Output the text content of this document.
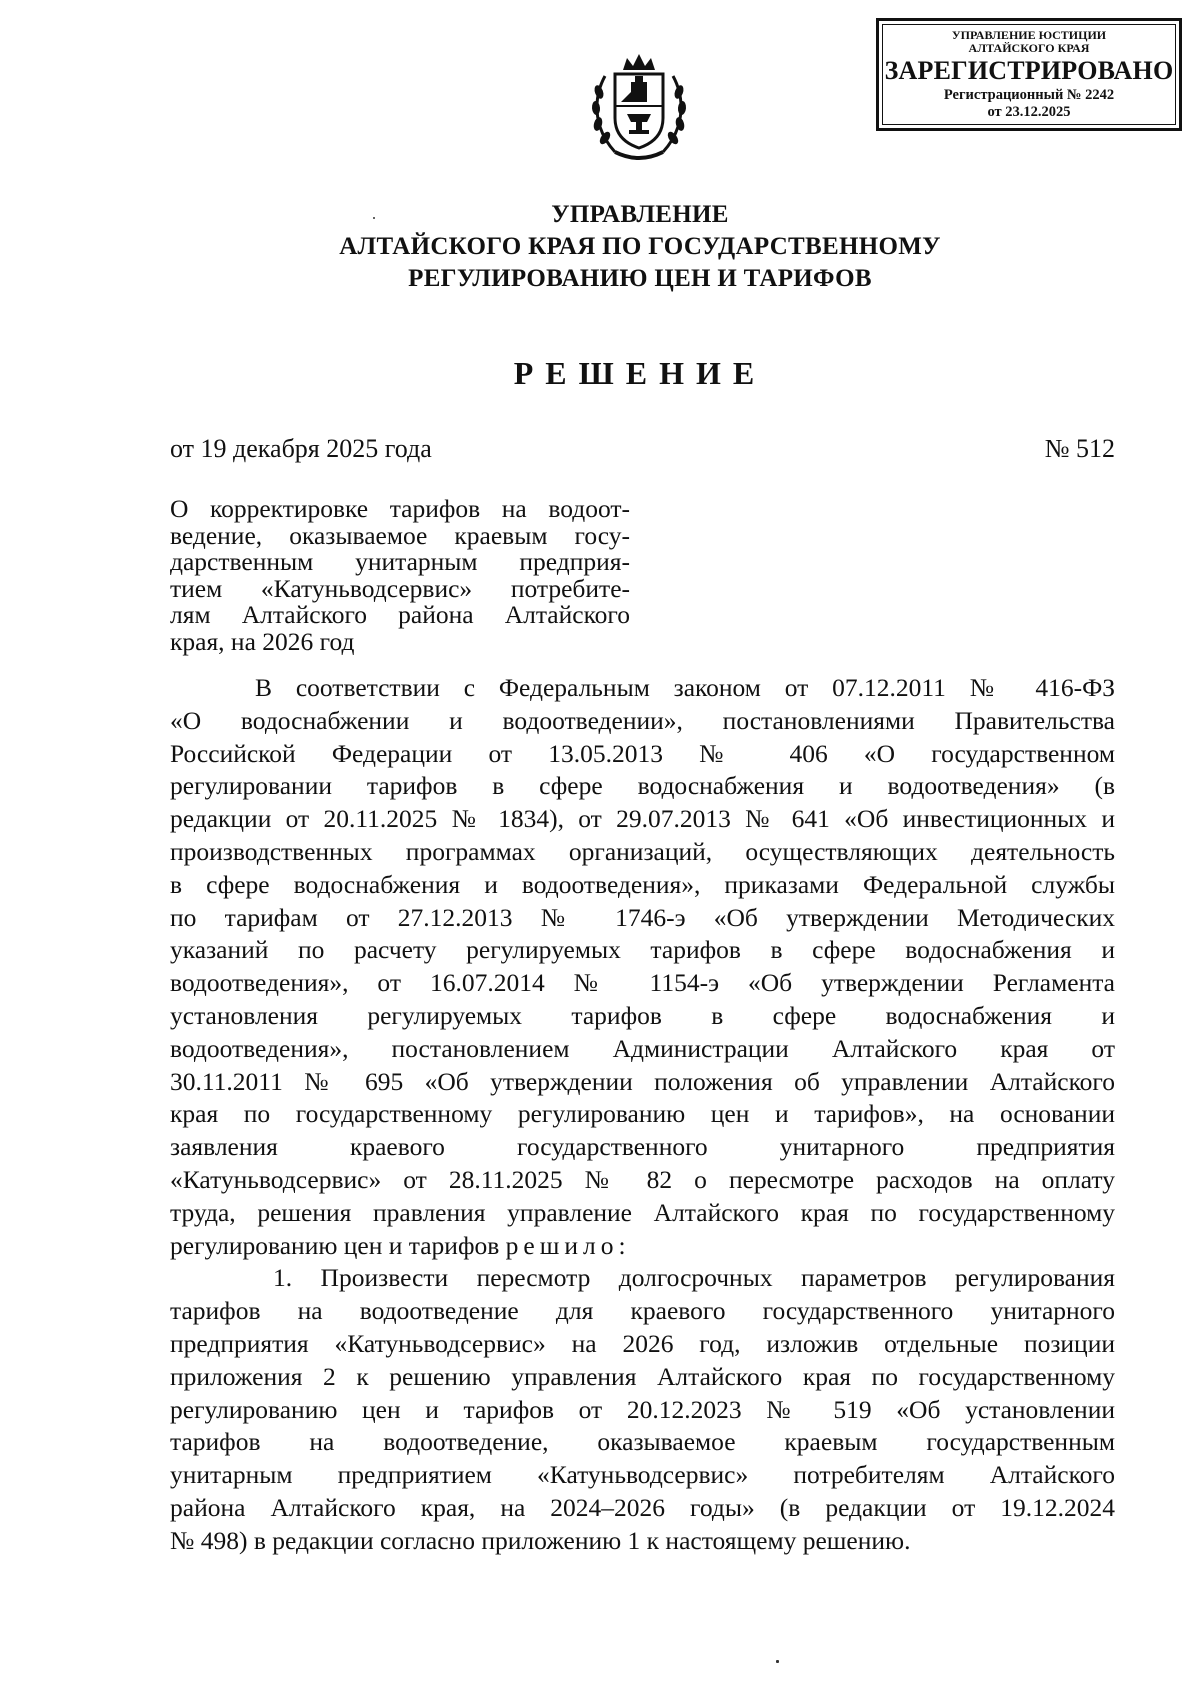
УПРАВЛЕНИЕ ЮСТИЦИИ
АЛТАЙСКОГО КРАЯ
ЗАРЕГИСТРИРОВАНО
Регистрационный № 2242
от 23.12.2025
УПРАВЛЕНИЕ
АЛТАЙСКОГО КРАЯ ПО ГОСУДАРСТВЕННОМУ
РЕГУЛИРОВАНИЮ ЦЕН И ТАРИФОВ
РЕШЕНИЕ
от 19 декабря 2025 года	№ 512
О корректировке тарифов на водоот-
ведение, оказываемое краевым госу-
дарственным унитарным предприя-
тием «Катуньводсервис» потребите-
лям Алтайского района Алтайского
края, на 2026 год
В соответствии с Федеральным законом от 07.12.2011 № 416-ФЗ
«О водоснабжении и водоотведении», постановлениями Правительства
Российской Федерации от 13.05.2013 № 406 «О государственном
регулировании тарифов в сфере водоснабжения и водоотведения» (в
редакции от 20.11.2025 № 1834), от 29.07.2013 № 641 «Об инвестиционных и
производственных программах организаций, осуществляющих деятельность
в сфере водоснабжения и водоотведения», приказами Федеральной службы
по тарифам от 27.12.2013 № 1746-э «Об утверждении Методических
указаний по расчету регулируемых тарифов в сфере водоснабжения и
водоотведения», от 16.07.2014 № 1154-э «Об утверждении Регламента
установления регулируемых тарифов в сфере водоснабжения и
водоотведения», постановлением Администрации Алтайского края от
30.11.2011 № 695 «Об утверждении положения об управлении Алтайского
края по государственному регулированию цен и тарифов», на основании
заявления краевого государственного унитарного предприятия
«Катуньводсервис» от 28.11.2025 № 82 о пересмотре расходов на оплату
труда, решения правления управление Алтайского края по государственному
регулированию цен и тарифов решило:
1. Произвести пересмотр долгосрочных параметров регулирования
тарифов на водоотведение для краевого государственного унитарного
предприятия «Катуньводсервис» на 2026 год, изложив отдельные позиции
приложения 2 к решению управления Алтайского края по государственному
регулированию цен и тарифов от 20.12.2023 № 519 «Об установлении
тарифов на водоотведение, оказываемое краевым государственным
унитарным предприятием «Катуньводсервис» потребителям Алтайского
района Алтайского края, на 2024–2026 годы» (в редакции от 19.12.2024
№ 498) в редакции согласно приложению 1 к настоящему решению.
